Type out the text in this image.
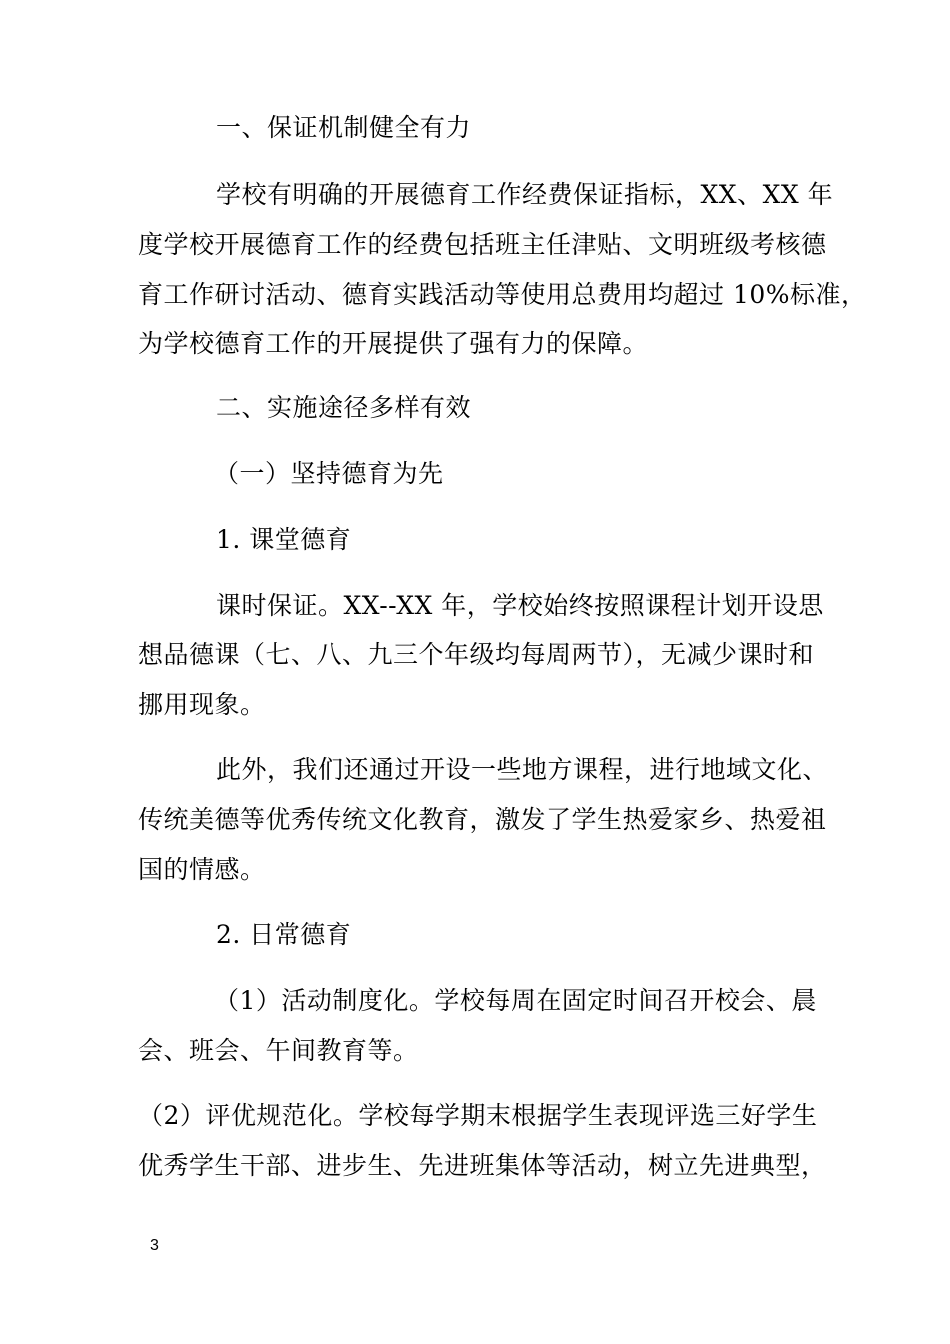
一、保证机制健全有力
学校有明确的开展德育工作经费保证指标，XX、XX 年
度学校开展德育工作的经费包括班主任津贴、文明班级考核德
育工作研讨活动、德育实践活动等使用总费用均超过 10%标准，
为学校德育工作的开展提供了强有力的保障。
二、实施途径多样有效
（一）坚持德育为先
1. 课堂德育
课时保证。XX--XX 年，学校始终按照课程计划开设思
想品德课（七、八、九三个年级均每周两节），无减少课时和
挪用现象。
此外，我们还通过开设一些地方课程，进行地域文化、
传统美德等优秀传统文化教育，激发了学生热爱家乡、热爱祖
国的情感。
2. 日常德育
（1）活动制度化。学校每周在固定时间召开校会、晨
会、班会、午间教育等。
（2）评优规范化。学校每学期末根据学生表现评选三好学生
优秀学生干部、进步生、先进班集体等活动，树立先进典型，
3
